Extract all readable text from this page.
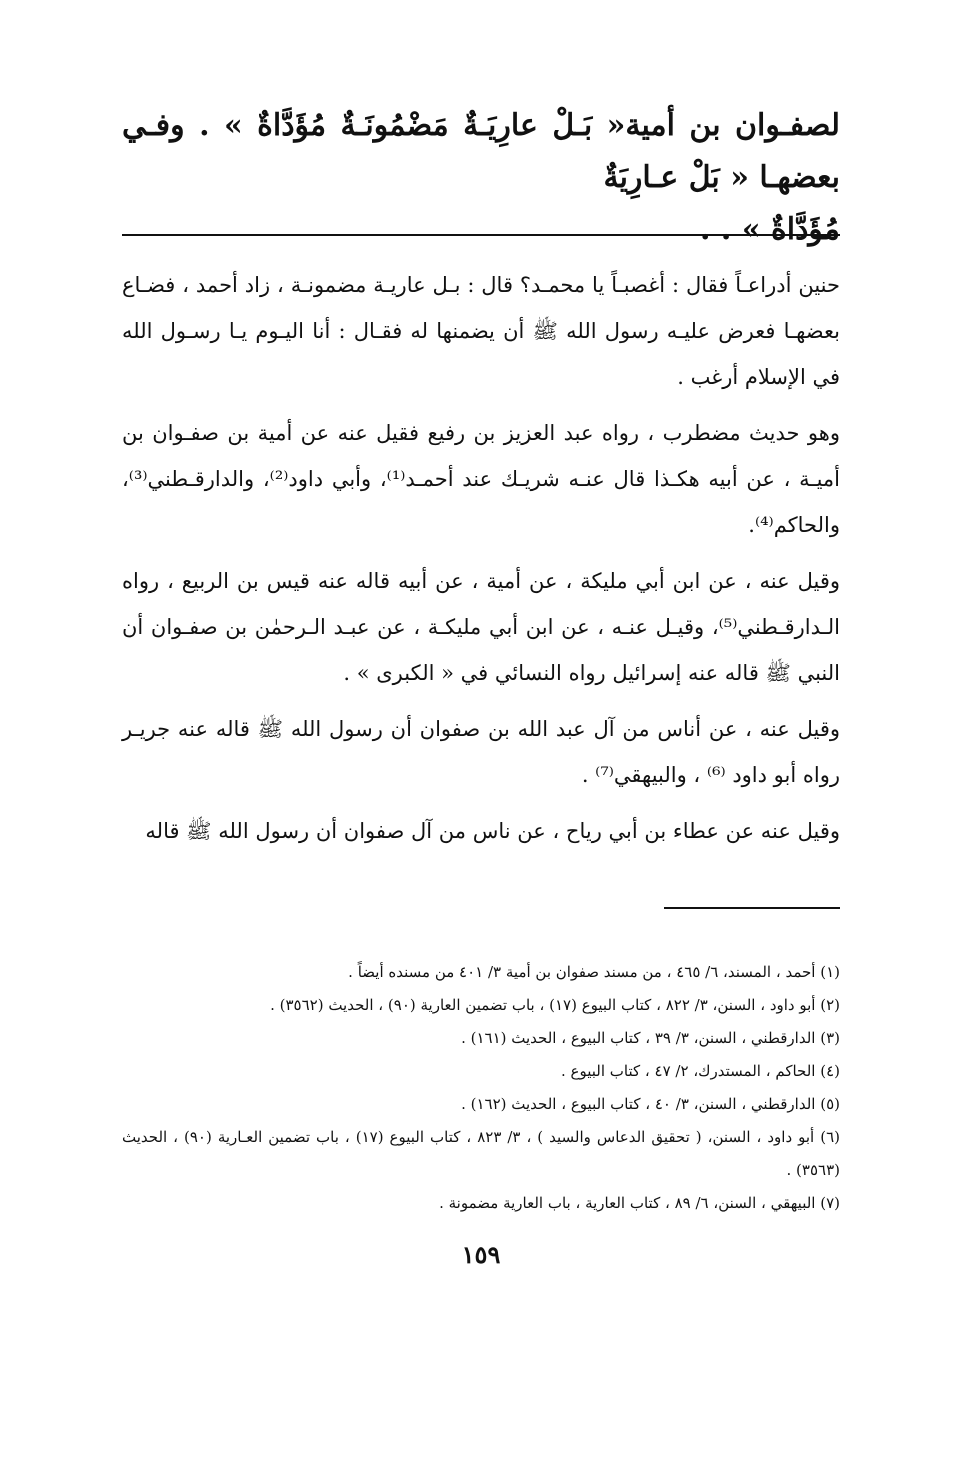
لصفـوان بن أمية« بَـلْ عارِيَـةٌ مَضْمُونَـةٌ مُؤَدَّاةٌ » . وفـي بعضهـا « بَلْ عـارِيَةٌ

مُؤَدَّاةٌ » . .

حنين أدراعـاً فقال : أغصبـاً يا محمـد؟ قال : بـل عاريـة مضمونـة ، زاد أحمد ، فضـاع بعضهـا فعرض عليـه رسول الله ﷺ أن يضمنها له فقـال : أنا اليـوم يـا رسـول الله في الإسلام أرغب .

وهو حديث مضطرب ، رواه عبد العزيز بن رفيع فقيل عنه عن أمية بن صفـوان بن أميـة ، عن أبيه هكـذا قال عنـه شريـك عند أحمـد⁽¹⁾، وأبي داود⁽²⁾، والدارقـطني⁽³⁾، والحاكم⁽⁴⁾.

وقيل عنه ، عن ابن أبي مليكة ، عن أمية ، عن أبيه قاله عنه قيس بن الربيع ، رواه الـدارقـطني⁽⁵⁾، وقيـل عنـه ، عن ابن أبي مليكـة ، عن عبـد الـرحمٰن بن صفـوان أن النبي ﷺ قاله عنه إسرائيل رواه النسائي في « الكبرى » .

وقيل عنه ، عن أناس من آل عبد الله بن صفوان أن رسول الله ﷺ قاله عنه جريـر رواه أبو داود ⁽⁶⁾ ، والبيهقي⁽⁷⁾ .

وقيل عنه عن عطاء بن أبي رياح ، عن ناس من آل صفوان أن رسول الله ﷺ قاله

(١) أحمد ، المسند، ٦/ ٤٦٥ ، من مسند صفوان بن أمية ٣/ ٤٠١ من مسنده أيضاً .
(٢) أبو داود ، السنن، ٣/ ٨٢٢ ، كتاب البيوع (١٧) ، باب تضمين العارية (٩٠) ، الحديث (٣٥٦٢) .
(٣) الدارقطني ، السنن، ٣/ ٣٩ ، كتاب البيوع ، الحديث (١٦١) .
(٤) الحاكم ، المستدرك، ٢/ ٤٧ ، كتاب البيوع .
(٥) الدارقطني ، السنن، ٣/ ٤٠ ، كتاب البيوع ، الحديث (١٦٢) .
(٦) أبو داود ، السنن، ( تحقيق الدعاس والسيد ) ، ٣/ ٨٢٣ ، كتاب البيوع (١٧) ، باب تضمين العـارية (٩٠) ، الحديث (٣٥٦٣) .
(٧) البيهقي ، السنن، ٦/ ٨٩ ، كتاب العارية ، باب العارية مضمونة .
١٥٩
